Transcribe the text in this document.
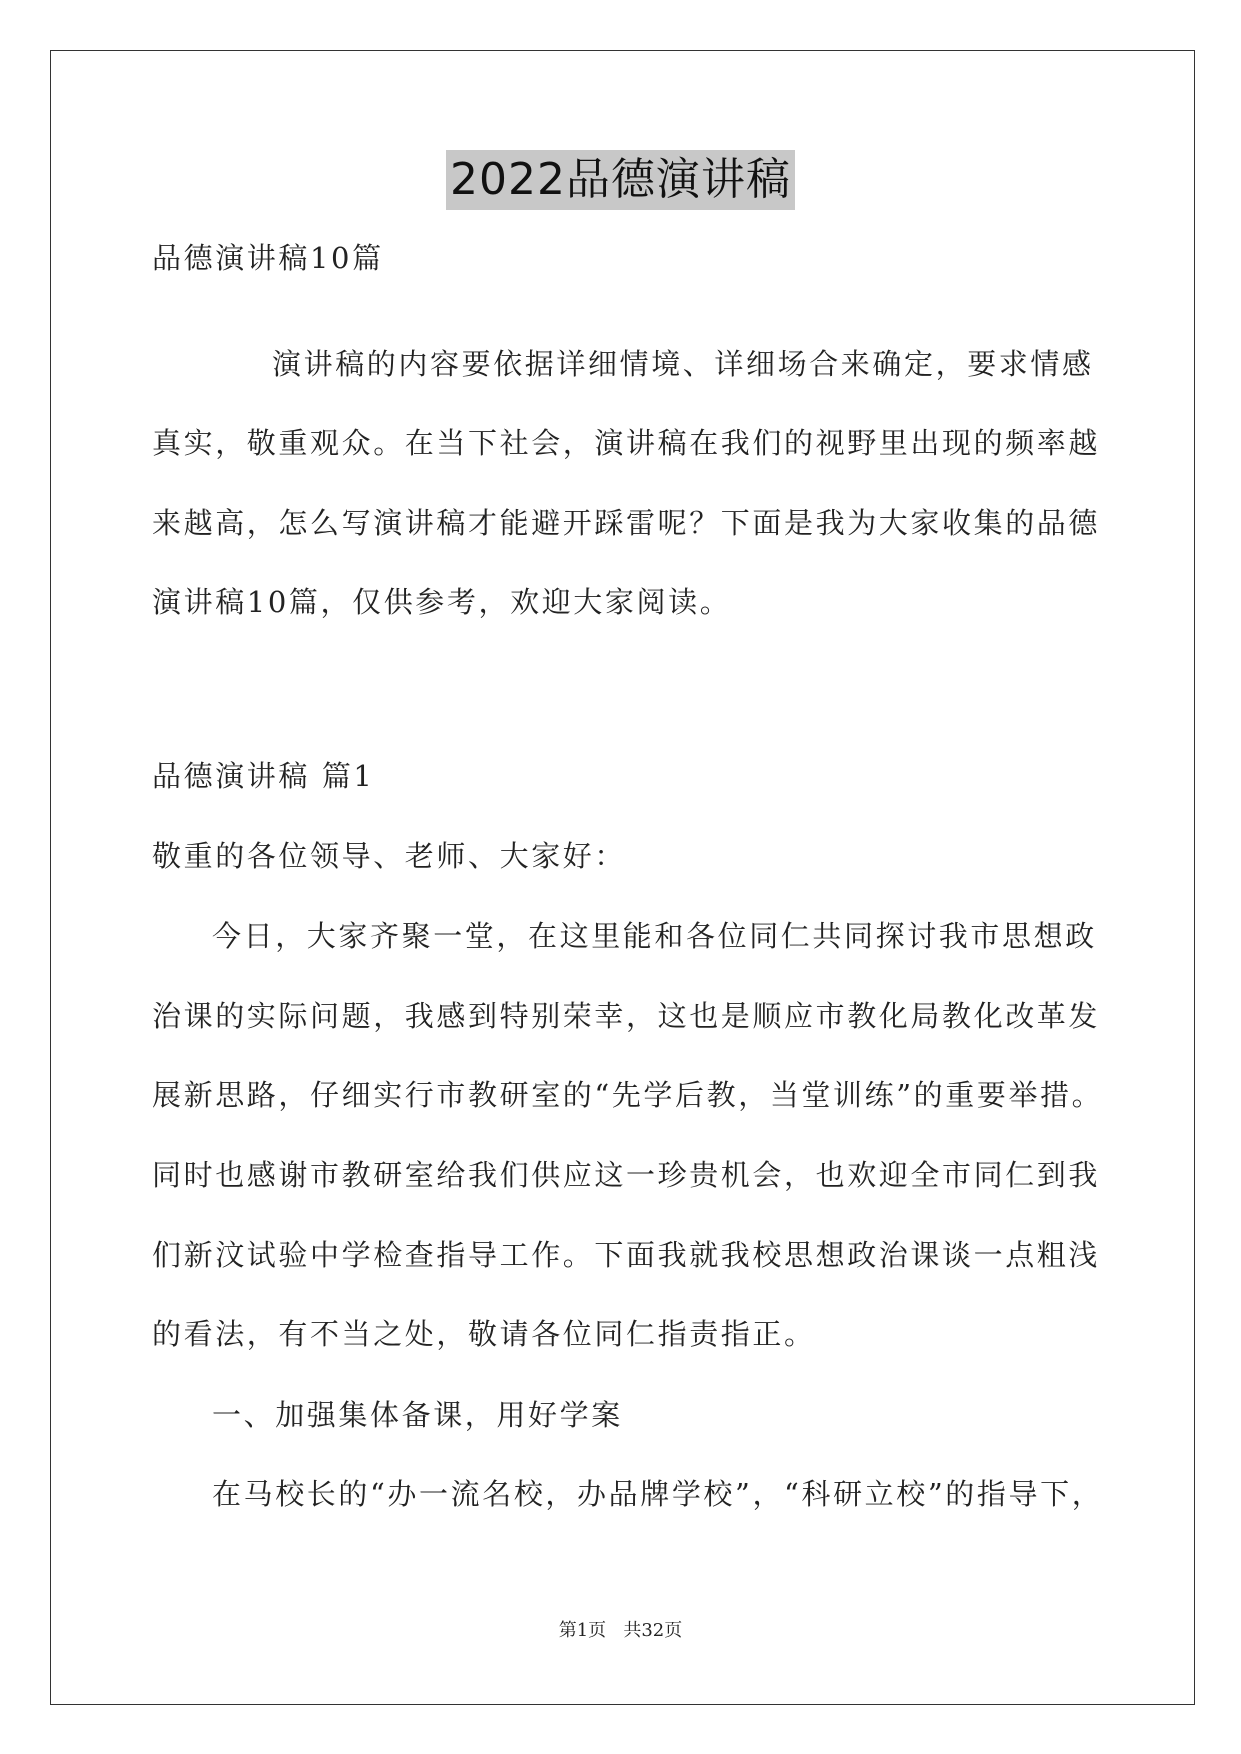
2022品德演讲稿
品德演讲稿10篇
演讲稿的内容要依据详细情境、详细场合来确定，要求情感
真实，敬重观众。在当下社会，演讲稿在我们的视野里出现的频率越
来越高，怎么写演讲稿才能避开踩雷呢？下面是我为大家收集的品德
演讲稿10篇，仅供参考，欢迎大家阅读。
品德演讲稿 篇1
敬重的各位领导、老师、大家好：
今日，大家齐聚一堂，在这里能和各位同仁共同探讨我市思想政
治课的实际问题，我感到特别荣幸，这也是顺应市教化局教化改革发
展新思路，仔细实行市教研室的“先学后教，当堂训练”的重要举措。
同时也感谢市教研室给我们供应这一珍贵机会，也欢迎全市同仁到我
们新汶试验中学检查指导工作。下面我就我校思想政治课谈一点粗浅
的看法，有不当之处，敬请各位同仁指责指正。
一、加强集体备课，用好学案
在马校长的“办一流名校，办品牌学校”，“科研立校”的指导下，
第1页   共32页
